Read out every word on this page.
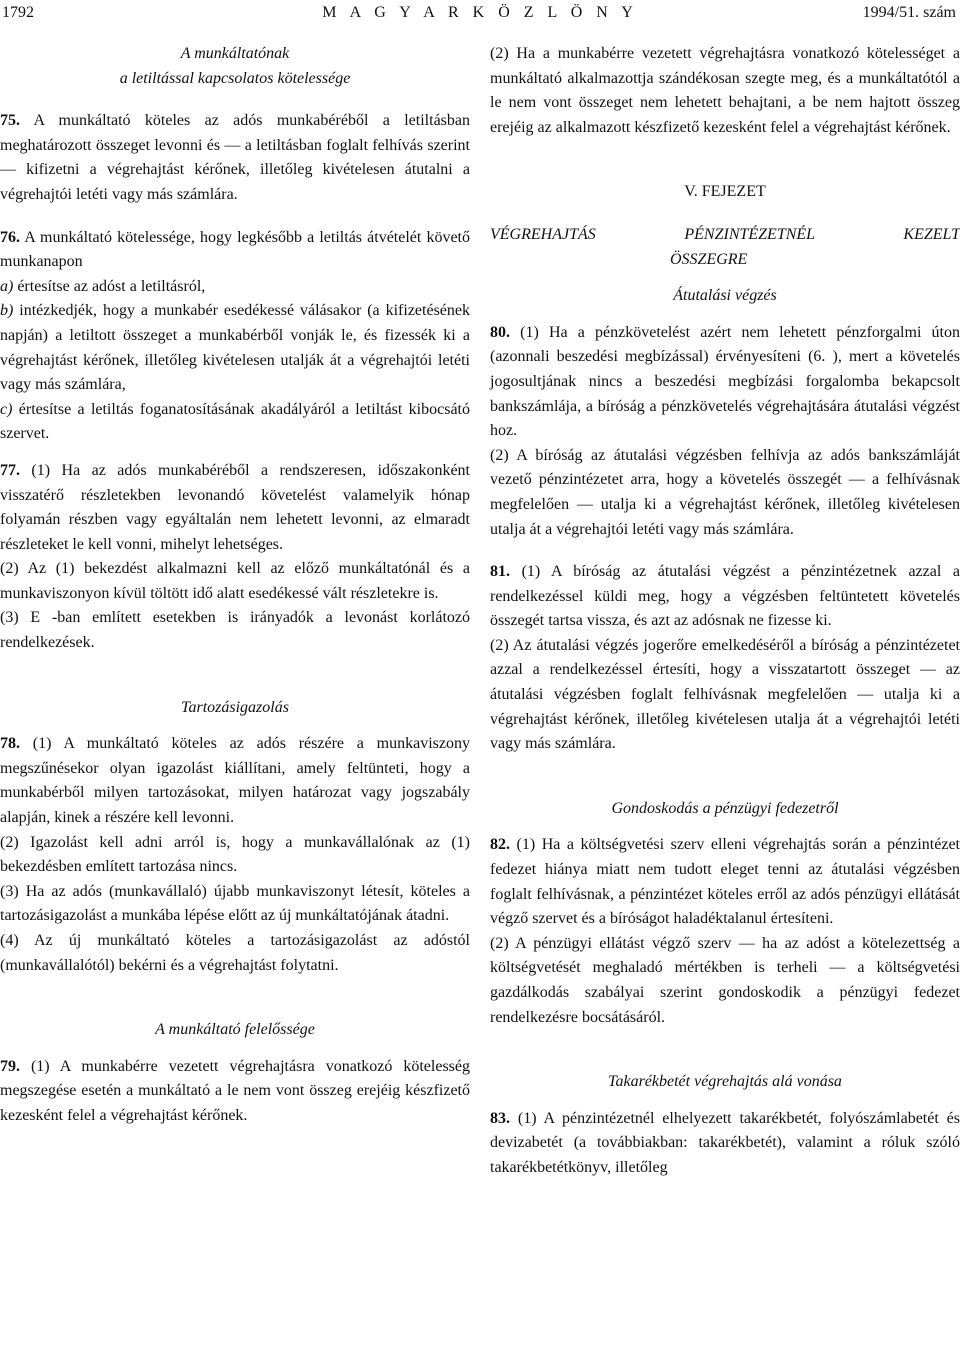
1792	M A G Y A R K Ö Z L Ö N Y	1994/51. szám

A munkáltatónak

a letiltással kapcsolatos kötelessége

75. A munkáltató köteles az adós munkabéréből a letiltásban meghatározott összeget levonni és — a letiltásban foglalt felhívás szerint — kifizetni a végrehajtást kérőnek, illetőleg kivételesen átutalni a végrehajtói letéti vagy más számlára.

76. A munkáltató kötelessége, hogy legkésőbb a letiltás átvételét követő munkanapon

a) értesítse az adóst a letiltásról,

b) intézkedjék, hogy a munkabér esedékessé válásakor (a kifizetésének napján) a letiltott összeget a munkabérből vonják le, és fizessék ki a végrehajtást kérőnek, illetőleg kivételesen utalják át a végrehajtói letéti vagy más számlára,

c) értesítse a letiltás foganatosításának akadályáról a letiltást kibocsátó szervet.

77. (1) Ha az adós munkabéréből a rendszeresen, időszakonként visszatérő részletekben levonandó követelést valamelyik hónap folyamán részben vagy egyáltalán nem lehetett levonni, az elmaradt részleteket le kell vonni, mihelyt lehetséges.

(2) Az (1) bekezdést alkalmazni kell az előző munkáltatónál és a munkaviszonyon kívül töltött idő alatt esedékessé vált részletekre is.

(3) E -ban említett esetekben is irányadók a levonást korlátozó rendelkezések.

Tartozásigazolás

78. (1) A munkáltató köteles az adós részére a munkaviszony megszűnésekor olyan igazolást kiállítani, amely feltünteti, hogy a munkabérből milyen tartozásokat, milyen határozat vagy jogszabály alapján, kinek a részére kell levonni.

(2) Igazolást kell adni arról is, hogy a munkavállalónak az (1) bekezdésben említett tartozása nincs.

(3) Ha az adós (munkavállaló) újabb munkaviszonyt létesít, köteles a tartozásigazolást a munkába lépése előtt az új munkáltatójának átadni.

(4) Az új munkáltató köteles a tartozásigazolást az adóstól (munkavállalótól) bekérni és a végrehajtást folytatni.

A munkáltató felelőssége

79. (1) A munkabérre vezetett végrehajtásra vonatkozó kötelesség megszegése esetén a munkáltató a le nem vont összeg erejéig készfizető kezesként felel a végrehajtást kérőnek.

(2) Ha a munkabérre vezetett végrehajtásra vonatkozó kötelességet a munkáltató alkalmazottja szándékosan szegte meg, és a munkáltatótól a le nem vont összeget nem lehetett behajtani, a be nem hajtott összeg erejéig az alkalmazott készfizető kezesként felel a végrehajtást kérőnek.

V. FEJEZET

VÉGREHAJTÁS PÉNZINTÉZETNÉL KEZELT

ÖSSZEGRE

Átutalási végzés

80. (1) Ha a pénzkövetelést azért nem lehetett pénzforgalmi úton (azonnali beszedési megbízással) érvényesíteni (6. ), mert a követelés jogosultjának nincs a beszedési megbízási forgalomba bekapcsolt bankszámlája, a bíróság a pénzkövetelés végrehajtására átutalási végzést hoz.

(2) A bíróság az átutalási végzésben felhívja az adós bankszámláját vezető pénzintézetet arra, hogy a követelés összegét — a felhívásnak megfelelően — utalja ki a végrehajtást kérőnek, illetőleg kivételesen utalja át a végrehajtói letéti vagy más számlára.

81. (1) A bíróság az átutalási végzést a pénzintézetnek azzal a rendelkezéssel küldi meg, hogy a végzésben feltüntetett követelés összegét tartsa vissza, és azt az adósnak ne fizesse ki.

(2) Az átutalási végzés jogerőre emelkedéséről a bíróság a pénzintézetet azzal a rendelkezéssel értesíti, hogy a visszatartott összeget — az átutalási végzésben foglalt felhívásnak megfelelően — utalja ki a végrehajtást kérőnek, illetőleg kivételesen utalja át a végrehajtói letéti vagy más számlára.

Gondoskodás a pénzügyi fedezetről

82. (1) Ha a költségvetési szerv elleni végrehajtás során a pénzintézet fedezet hiánya miatt nem tudott eleget tenni az átutalási végzésben foglalt felhívásnak, a pénzintézet köteles erről az adós pénzügyi ellátását végző szervet és a bíróságot haladéktalanul értesíteni.

(2) A pénzügyi ellátást végző szerv — ha az adóst a kötelezettség a költségvetését meghaladó mértékben is terheli — a költségvetési gazdálkodás szabályai szerint gondoskodik a pénzügyi fedezet rendelkezésre bocsátásáról.

Takarékbetét végrehajtás alá vonása

83. (1) A pénzintézetnél elhelyezett takarékbetét, folyószámlabetét és devizabetét (a továbbiakban: takarékbetét), valamint a róluk szóló takarékbetétkönyv, illetőleg
